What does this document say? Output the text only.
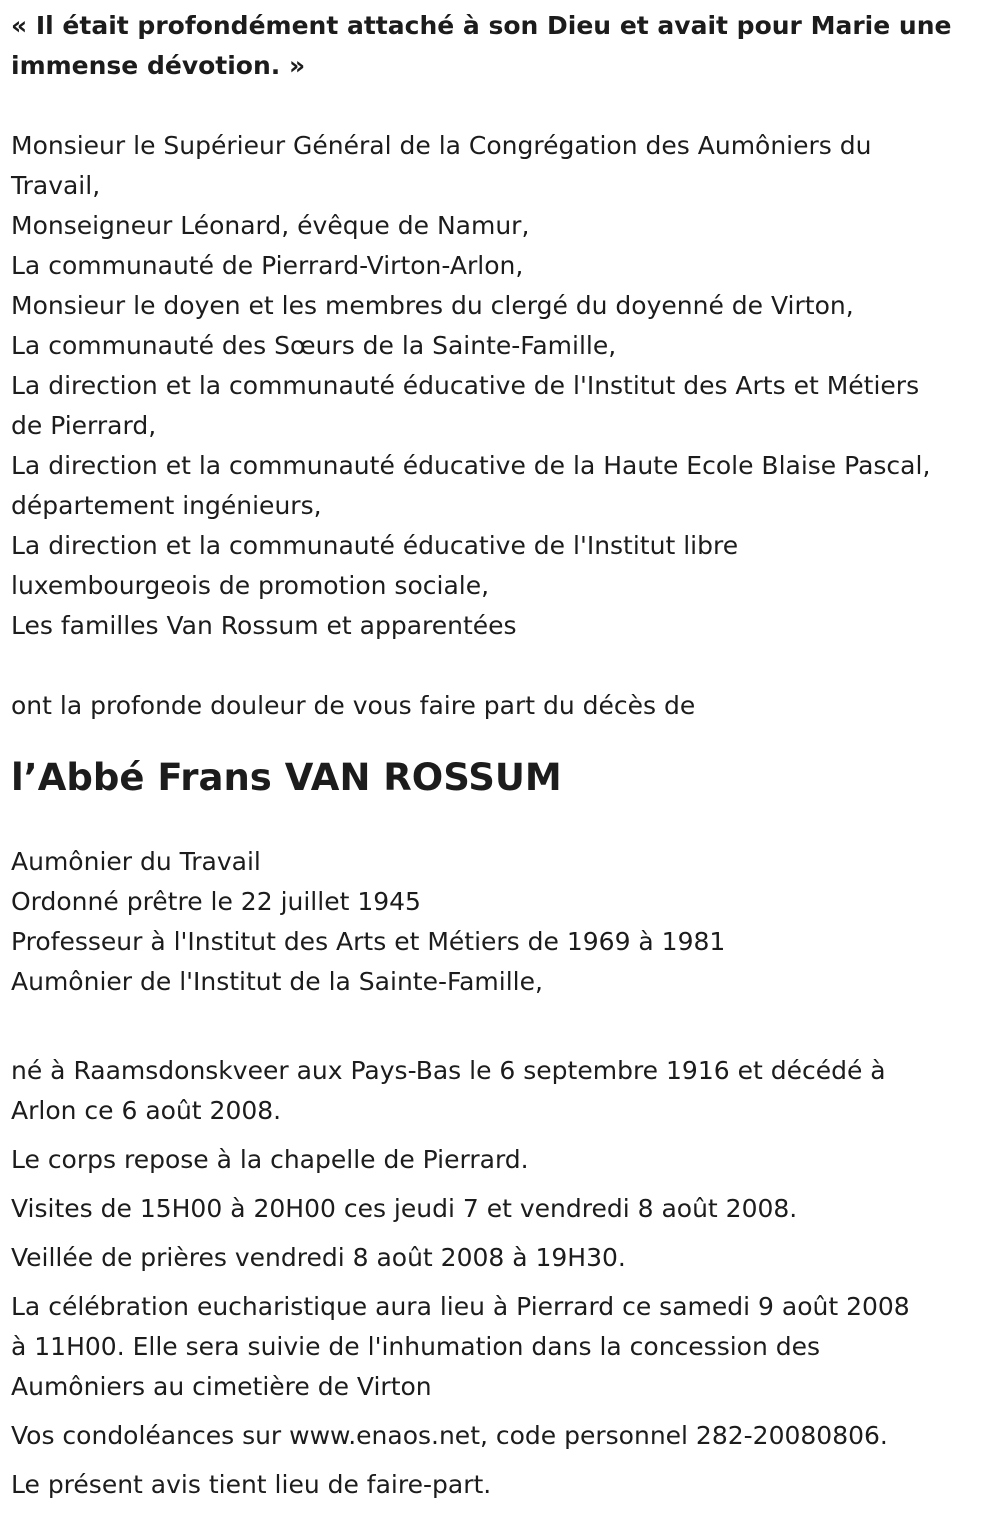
« Il était profondément attaché à son Dieu et avait pour Marie une

immense dévotion. »

Monsieur le Supérieur Général de la Congrégation des Aumôniers du

Travail,

Monseigneur Léonard, évêque de Namur,

La communauté de Pierrard-Virton-Arlon,

Monsieur le doyen et les membres du clergé du doyenné de Virton,

La communauté des Sœurs de la Sainte-Famille,

La direction et la communauté éducative de l'Institut des Arts et Métiers

de Pierrard,

La direction et la communauté éducative de la Haute Ecole Blaise Pascal,

département ingénieurs,

La direction et la communauté éducative de l'Institut libre

luxembourgeois de promotion sociale,

Les familles Van Rossum et apparentées

ont la profonde douleur de vous faire part du décès de

l’Abbé Frans VAN ROSSUM

Aumônier du Travail

Ordonné prêtre le 22 juillet 1945

Professeur à l'Institut des Arts et Métiers de 1969 à 1981

Aumônier de l'Institut de la Sainte-Famille,

né à Raamsdonskveer aux Pays-Bas le 6 septembre 1916 et décédé à

Arlon ce 6 août 2008.

Le corps repose à la chapelle de Pierrard.

Visites de 15H00 à 20H00 ces jeudi 7 et vendredi 8 août 2008.

Veillée de prières vendredi 8 août 2008 à 19H30.

La célébration eucharistique aura lieu à Pierrard ce samedi 9 août 2008

à 11H00. Elle sera suivie de l'inhumation dans la concession des

Aumôniers au cimetière de Virton

Vos condoléances sur www.enaos.net, code personnel 282-20080806.

Le présent avis tient lieu de faire-part.
